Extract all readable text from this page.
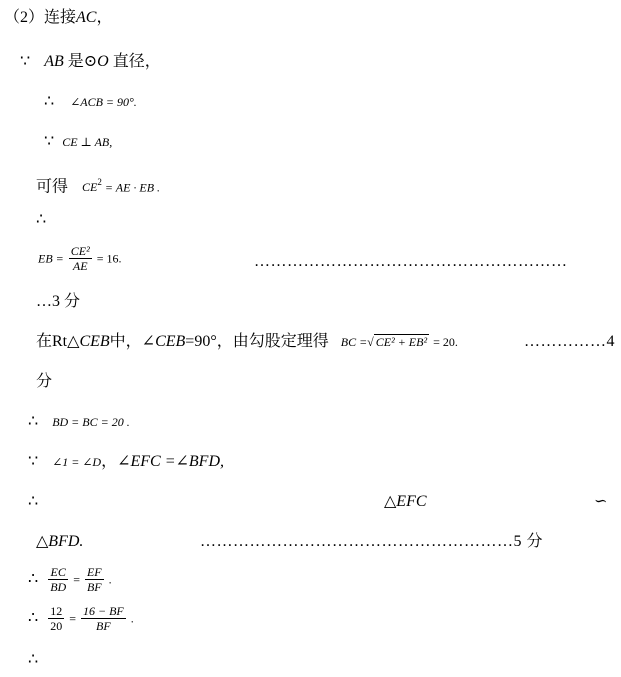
（2）连接AC，
∵ AB 是⊙O 直径，
∴ ∠ACB = 90°.
∵ CE ⊥ AB,
可得 $CE^2$ = AE · EB .
∴
EB = $\frac{\text{CE²}}{AE} = 16$.	…………………………………………………
…3 分
在Rt△CEB中，∠CEB=90°，由勾股定理得 BC =√ CE² + EB² = 20.	……………4
分
∴ BD = BC = 20 .
∵ ∠1 = ∠D，∠EFC =∠BFD,
∴	△EFC	∽
△BFD.	…………………………………………………5 分
∴ $\frac{EC}{BD} = \frac{EF}{BF}$ .
∴ $\frac{12}{20} = \frac{16 - BF}{BF}$ .
∴
